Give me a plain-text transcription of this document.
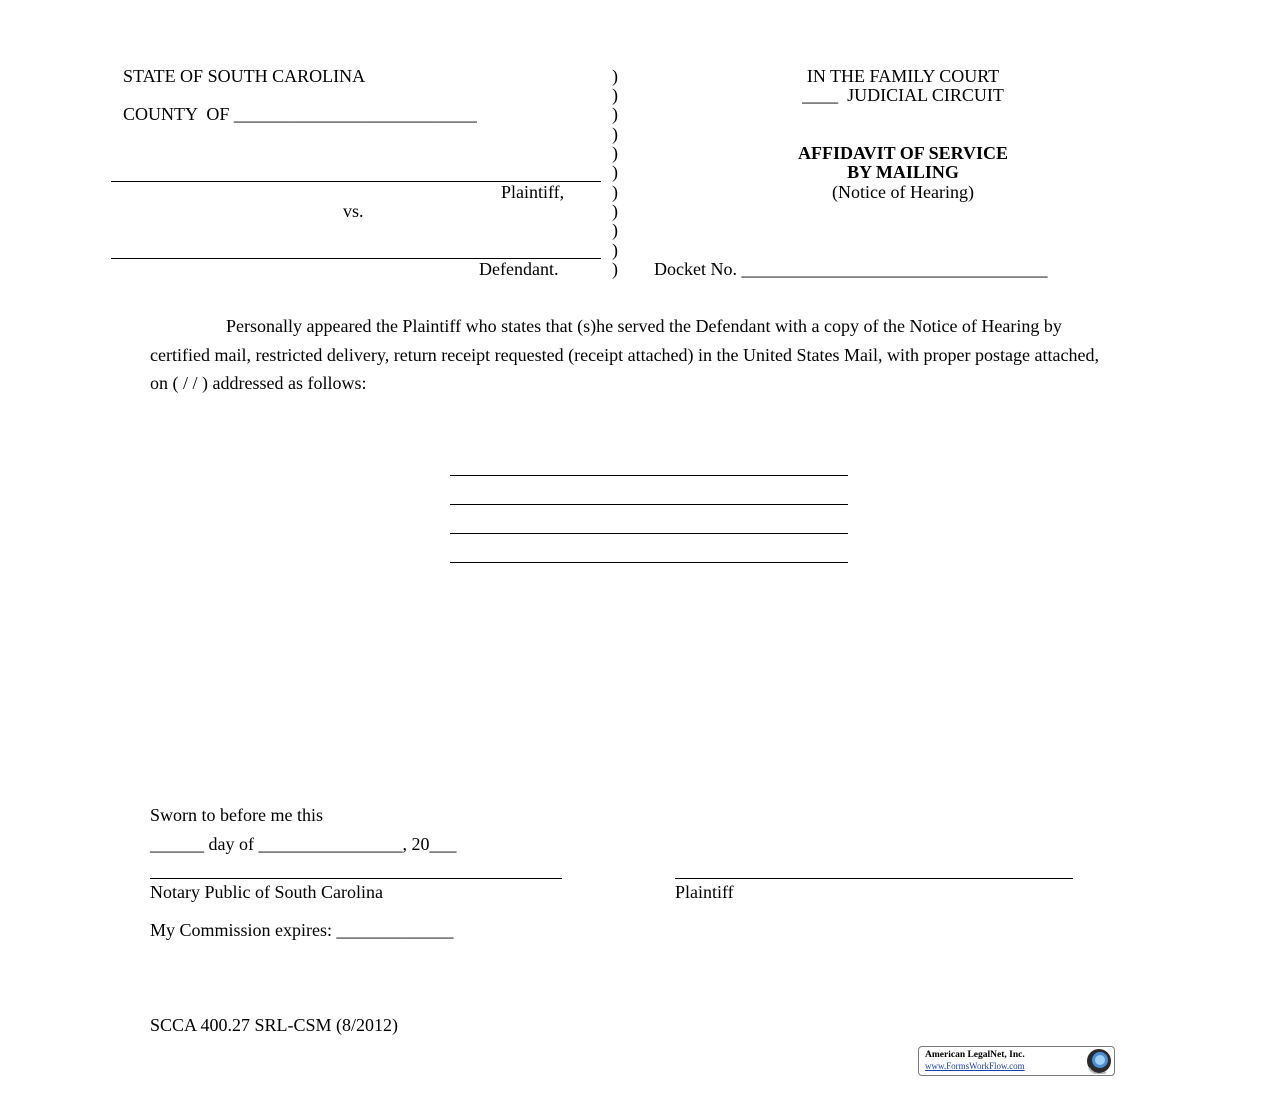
STATE OF SOUTH CAROLINA
COUNTY  OF ___________________________
Plaintiff,
vs.
Defendant.
)
)
)
)
)
)
)
)
)
)
)
IN THE FAMILY COURT
____  JUDICIAL CIRCUIT
AFFIDAVIT OF SERVICE
BY MAILING
(Notice of Hearing)
Docket No. __________________________________
Personally appeared the Plaintiff who states that (s)he served the Defendant with a copy of the Notice of Hearing by certified mail, restricted delivery, return receipt requested (receipt attached) in the United States Mail, with proper postage attached, on ( / / ) addressed as follows:
Sworn to before me this
______ day of ________________, 20___
Notary Public of South Carolina	Plaintiff
My Commission expires: _____________
SCCA 400.27 SRL-CSM (8/2012)
American LegalNet, Inc.
www.FormsWorkFlow.com
